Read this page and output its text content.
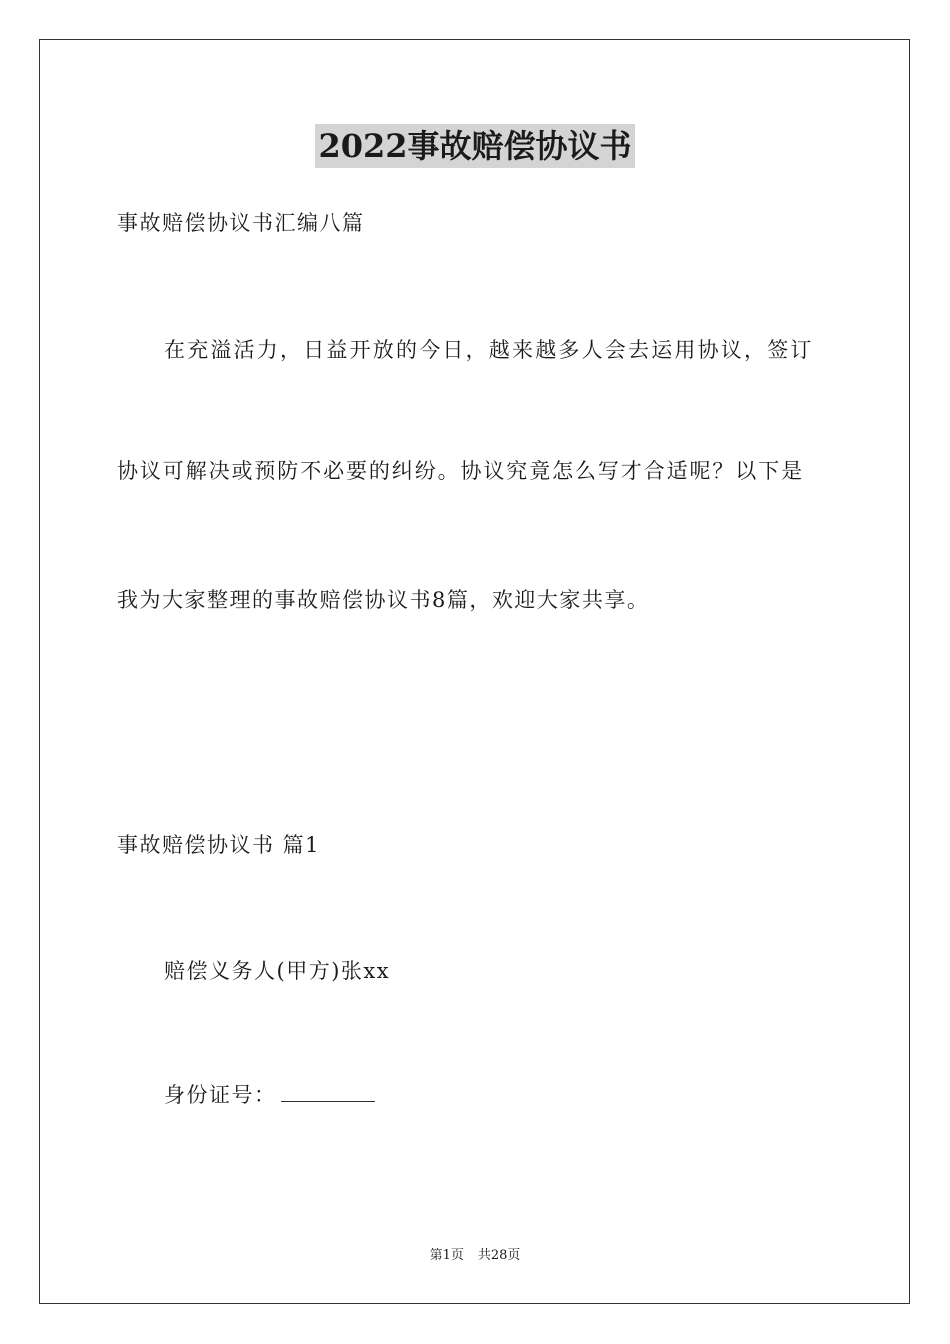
2022事故赔偿协议书
事故赔偿协议书汇编八篇
在充溢活力，日益开放的今日，越来越多人会去运用协议，签订
协议可解决或预防不必要的纠纷。协议究竟怎么写才合适呢？以下是
我为大家整理的事故赔偿协议书8篇，欢迎大家共享。
事故赔偿协议书 篇1
赔偿义务人(甲方)张xx
身份证号：
第1页 共28页
